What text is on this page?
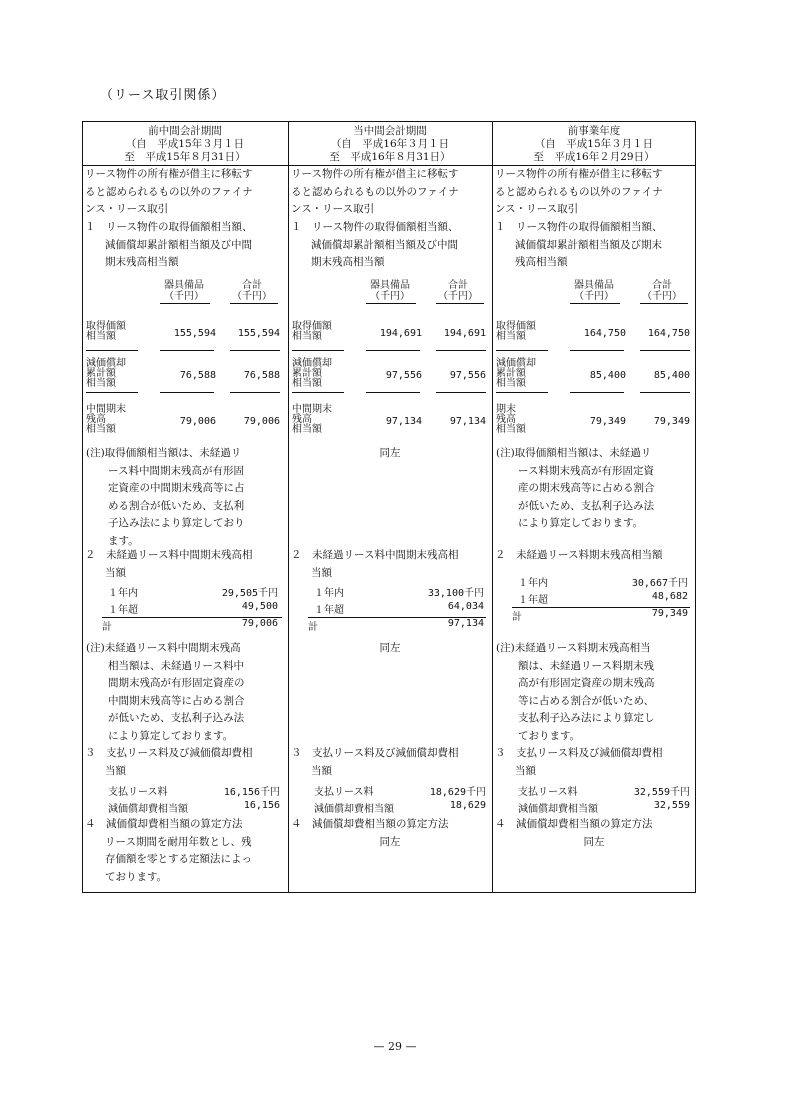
（リース取引関係）
前中間会計期間
（自　平成15年３月１日
至　平成15年８月31日）
リース物件の所有権が借主に移転す
ると認められるもの以外のファイナ
ンス・リース取引
１　リース物件の取得価額相当額、
減価償却累計額相当額及び中間
期末残高相当額
器具備品
（千円）
合計
（千円）
取得価額
相当額	155,594	155,594
減価償却
累計額
相当額
76,588	76,588
中間期末
残高
相当額
79,006	79,006
(注)取得価額相当額は、未経過リ
ース料中間期末残高が有形固
定資産の中間期末残高等に占
める割合が低いため、支払利
子込み法により算定しており
ます。
２　未経過リース料中間期末残高相
当額
１年内	29,505千円
１年超	49,500
計	79,006
(注)未経過リース料中間期末残高
相当額は、未経過リース料中
間期末残高が有形固定資産の
中間期末残高等に占める割合
が低いため、支払利子込み法
により算定しております。
３　支払リース料及び減価償却費相
当額
支払リース料	16,156千円
減価償却費相当額	16,156
４　減価償却費相当額の算定方法
リース期間を耐用年数とし、残
存価額を零とする定額法によっ
ております。
当中間会計期間
（自　平成16年３月１日
至　平成16年８月31日）
リース物件の所有権が借主に移転す
ると認められるもの以外のファイナ
ンス・リース取引
１　リース物件の取得価額相当額、
減価償却累計額相当額及び中間
期末残高相当額
器具備品
（千円）
合計
（千円）
取得価額
相当額	194,691	194,691
減価償却
累計額
相当額
97,556	97,556
中間期末
残高
相当額
97,134	97,134
同左
２　未経過リース料中間期末残高相
当額
１年内	33,100千円
１年超	64,034
計	97,134
同左
３　支払リース料及び減価償却費相
当額
支払リース料	18,629千円
減価償却費相当額	18,629
４　減価償却費相当額の算定方法
同左
前事業年度
（自　平成15年３月１日
至　平成16年２月29日）
リース物件の所有権が借主に移転す
ると認められるもの以外のファイナ
ンス・リース取引
１　リース物件の取得価額相当額、
減価償却累計額相当額及び期末
残高相当額
器具備品
（千円）
合計
（千円）
取得価額
相当額	164,750	164,750
減価償却
累計額
相当額
85,400	85,400
期末
残高
相当額
79,349	79,349
(注)取得価額相当額は、未経過リ
ース料期末残高が有形固定資
産の期末残高等に占める割合
が低いため、支払利子込み法
により算定しております。
２　未経過リース料期末残高相当額
１年内	30,667千円
１年超	48,682
計	79,349
(注)未経過リース料期末残高相当
額は、未経過リース料期末残
高が有形固定資産の期末残高
等に占める割合が低いため、
支払利子込み法により算定し
ております。
３　支払リース料及び減価償却費相
当額
支払リース料	32,559千円
減価償却費相当額	32,559
４　減価償却費相当額の算定方法
同左
— 29 —
